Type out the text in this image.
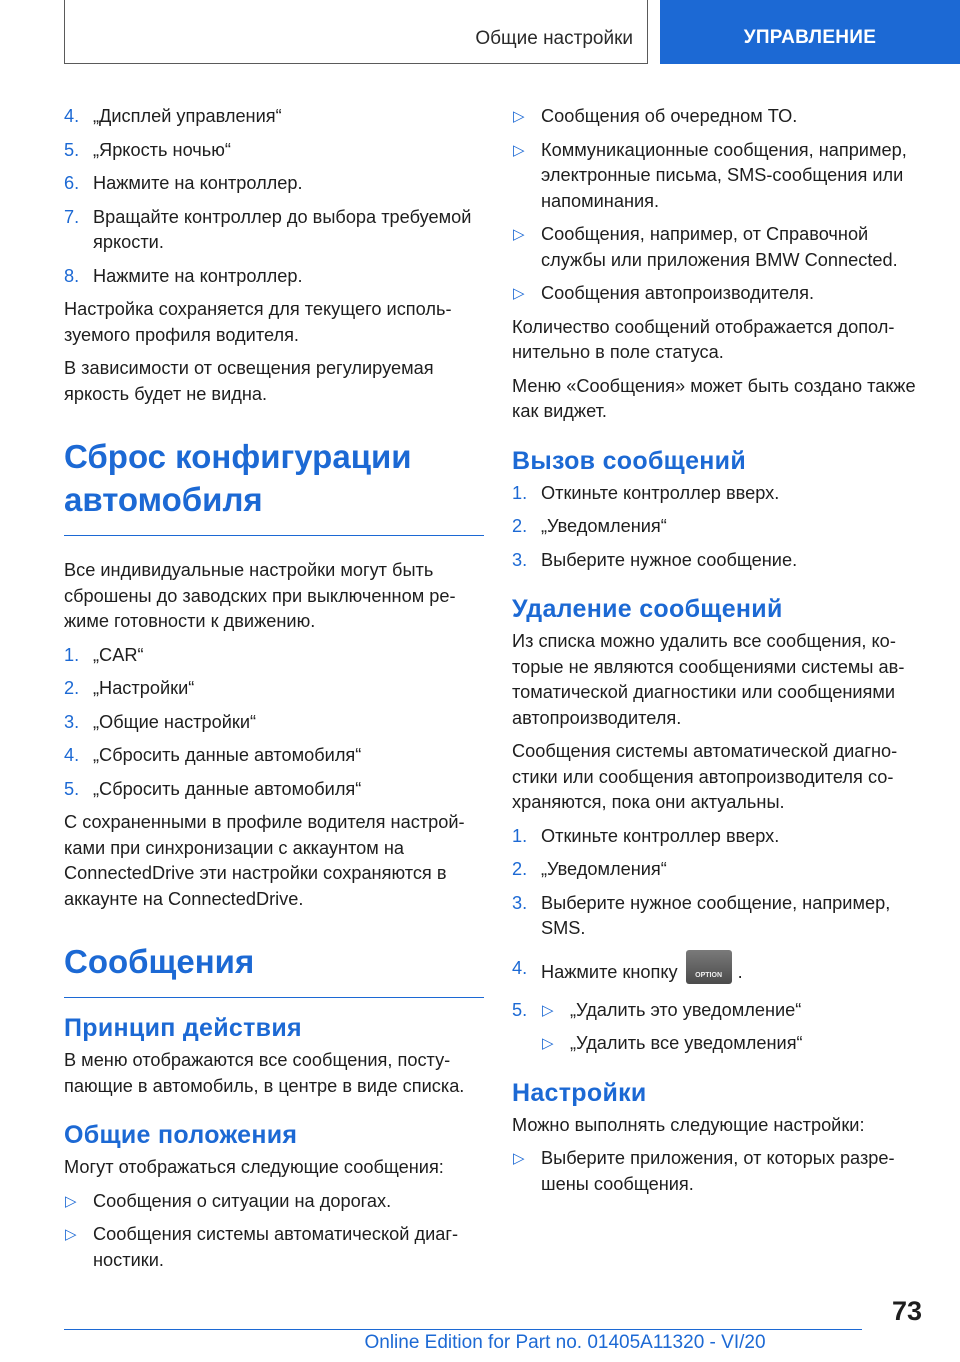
Общие настройки	УПРАВЛЕНИЕ
4. „Дисплей управления“
5. „Яркость ночью“
6. Нажмите на контроллер.
7. Вращайте контроллер до выбора требуемой яркости.
8. Нажмите на контроллер.

Настройка сохраняется для текущего используемого профиля водителя.

В зависимости от освещения регулируемая яркость будет не видна.

Сброс конфигурации автомобиля

Все индивидуальные настройки могут быть сброшены до заводских при выключенном режиме готовности к движению.

1. „CAR“
2. „Настройки“
3. „Общие настройки“
4. „Сбросить данные автомобиля“
5. „Сбросить данные автомобиля“

С сохраненными в профиле водителя настройками при синхронизации с аккаунтом на ConnectedDrive эти настройки сохраняются в аккаунте на ConnectedDrive.

Сообщения
Принцип действия

В меню отображаются все сообщения, поступающие в автомобиль, в центре в виде списка.

Общие положения

Могут отображаться следующие сообщения:

▷ Сообщения о ситуации на дорогах.
▷ Сообщения системы автоматической диагностики.
▷ Сообщения об очередном ТО.
▷ Коммуникационные сообщения, например, электронные письма, SMS-сообщения или напоминания.
▷ Сообщения, например, от Справочной службы или приложения BMW Connected.
▷ Сообщения автопроизводителя.

Количество сообщений отображается дополнительно в поле статуса.

Меню «Сообщения» может быть создано также как виджет.

Вызов сообщений
1. Откиньте контроллер вверх.
2. „Уведомления“
3. Выберите нужное сообщение.
Удаление сообщений

Из списка можно удалить все сообщения, которые не являются сообщениями системы автоматической диагностики или сообщениями автопроизводителя.

Сообщения системы автоматической диагностики или сообщения автопроизводителя сохраняются, пока они актуальны.

1. Откиньте контроллер вверх.
2. „Уведомления“
3. Выберите нужное сообщение, например, SMS.
4. Нажмите кнопку	OPTION .
5. ▷ „Удалить это уведомление“
▷ „Удалить все уведомления“
Настройки

Можно выполнять следующие настройки:

▷ Выберите приложения, от которых разрешены сообщения.
73
Online Edition for Part no. 01405A11320 - VI/20
